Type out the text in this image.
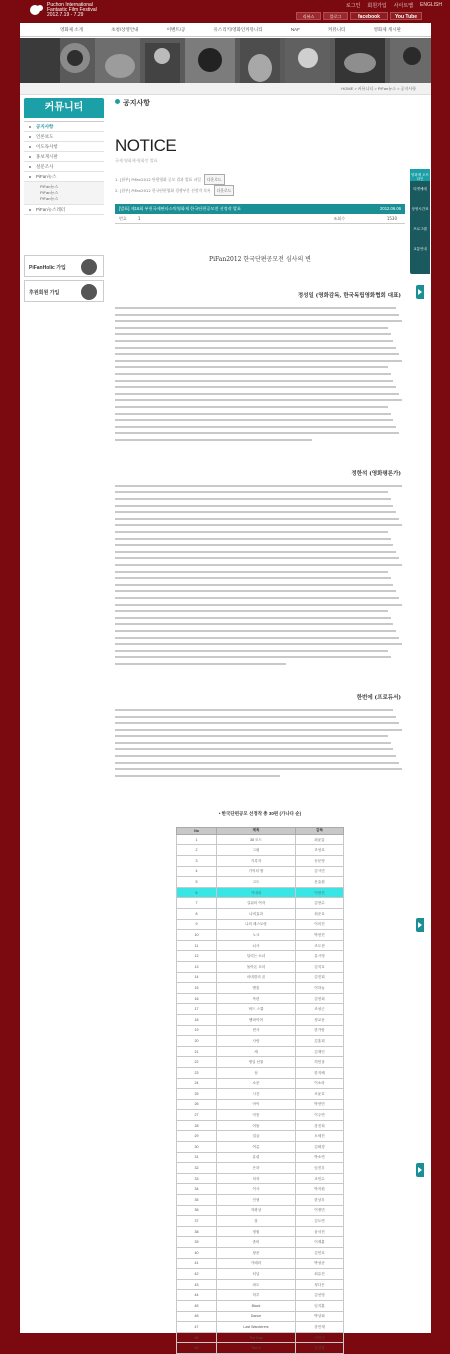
Puchon International
Fantastic Film Festival
2012.7.19 - 7.29
로그인 회원가입 사이트맵 ENGLISH
리뷰스	블로그	facebook	You Tube
영화제 소개	초청/상영안내	이벤트/공	유스리키/영화인커뮤니티	NAF	커뮤니티	영화제 게시판
HOME > 커뮤니티 > PiFan뉴스 > 공지사항
커뮤니티
공지사항
언론보도
이도독사항
홍보게시판
설문조사
PiFan뉴스
PiFan뉴스
PiFan뉴스
PiFan뉴스
PiFan뉴스레터
PiFanHolic 가입
후원회원 가입
공지사항
NOTICE
국제 영화제·영화인 발표
1. [첨부] PiFan2012 단편영화 공모 결과 발표 파일 다운로드
2. [첨부] PiFan2012 한국단편영화 경쟁부문 선정작 목록 다운로드
[발표] 제16회 부천국제판타스틱영화제 한국단편공모전 선정작 발표	2012.06.06
번호	1	조회수	1530
PiFan2012 한국단편공모전 심사의 변
정성일 (영화감독, 한국독립영화협회 대표)
정한석 (영화평론가)
한번에 (프로듀서)
• 한국단편공모 선정작 총 30편 (가나다 순)
No	제목	감독
1	38 모드	최윤갑
2	그림	조성호
3	기록자	송문영
4	기억의 밤	김시민
5	고도	문효원
6	기대치	이현진
7	길위의 여자	김현수
8	나비효과	최준호
9	나의 레스토랑	이의진
10	노크	박현진
11	뇌사	조도현
12	달리는 소녀	유시영
13	돌아온 꼬마	김지호
14	마네킹의 꿈	김진희
15	맨홀	이하늘
16	목련	김현희
17	버드 스쿨	조성근
18	뱀파이어	정교운
19	빈사	한가람
20	사람	김홍희
21	새	김재인
22	생일 선물	허민상
23	섬	한지혜
24	소문	이소라
25	시간	조윤호
26	아이	박현민
27	악몽	이주연
28	어둠	강진희
29	얼굴	오세진
30	여름	김태경
31	유령	박소연
32	은하	임진우
33	의자	조민수
34	이사	박지원
35	인형	한상우
36	자화상	이정민
37	잠	김도연
38	정원	윤서진
39	좀비	이재훈
40	창문	김민호
41	카메라	박성준
42	터널	최유진
43	파도	정다은
44	하루	김선영
45	Black	임지훈
46	Dance	박상희
47	Last Wanderers	강민재
48	The Day	이미현
49	The X	김성훈
영화제 오프라인
티켓예매
상영시간표
프로그램
교통안내
